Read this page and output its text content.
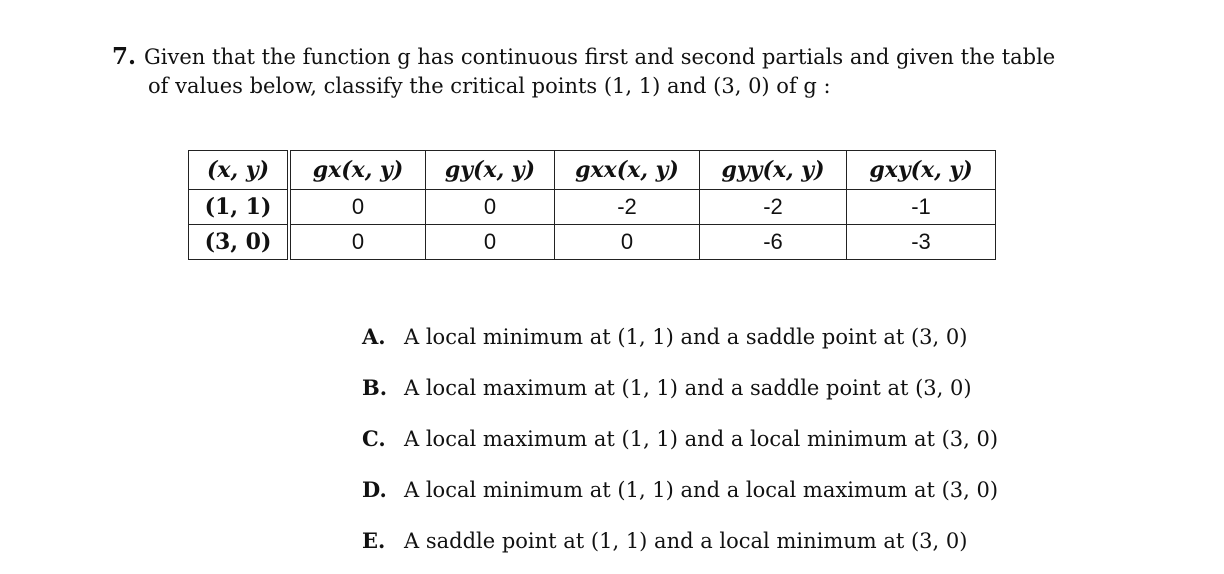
7. Given that the function g has continuous first and second partials and given the table
of values below, classify the critical points (1, 1) and (3, 0) of g :
(x, y)	gx(x, y)	gy(x, y)	gxx(x, y)	gyy(x, y)	gxy(x, y)
(1, 1)	0	0	-2	-2	-1
(3, 0)	0	0	0	-6	-3
A. A local minimum at (1, 1) and a saddle point at (3, 0)
B. A local maximum at (1, 1) and a saddle point at (3, 0)
C. A local maximum at (1, 1) and a local minimum at (3, 0)
D. A local minimum at (1, 1) and a local maximum at (3, 0)
E. A saddle point at (1, 1) and a local minimum at (3, 0)
